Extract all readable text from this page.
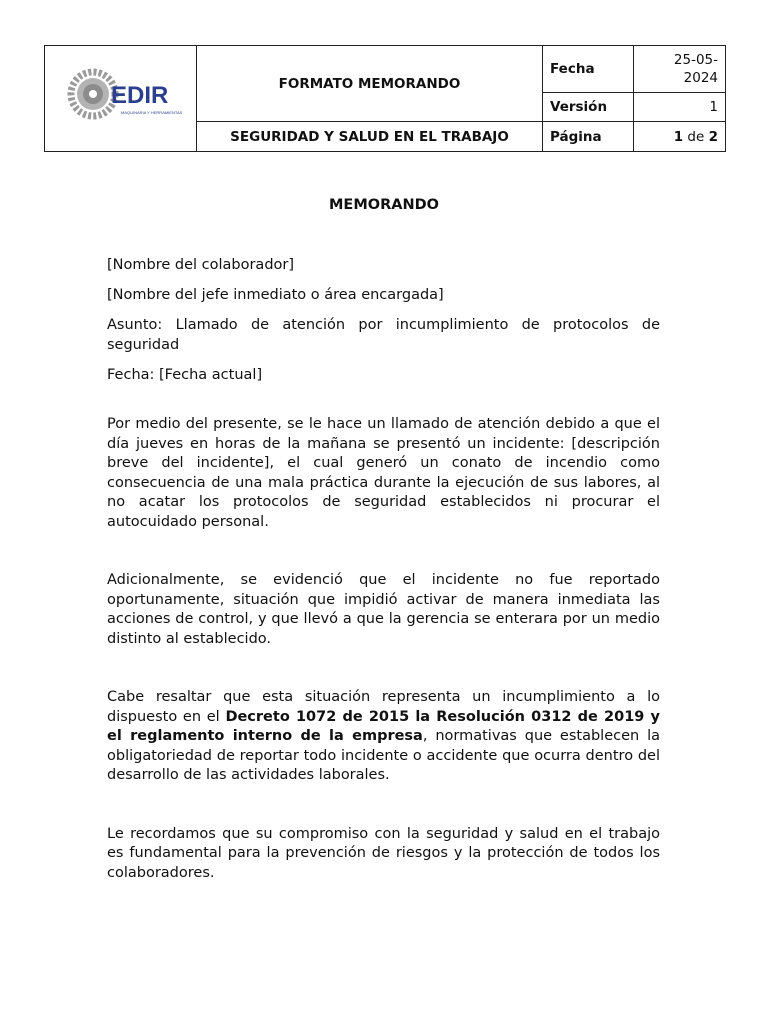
EDIR
MAQUINARIA Y HERRAMIENTAS	FORMATO MEMORANDO	Fecha	25-05-2024
		Versión	1
	SEGURIDAD Y SALUD EN EL TRABAJO	Página	1 de 2
MEMORANDO

[Nombre del colaborador]

[Nombre del jefe inmediato o área encargada]

Asunto: Llamado de atención por incumplimiento de protocolos de seguridad

Fecha: [Fecha actual]

Por medio del presente, se le hace un llamado de atención debido a que el día jueves en horas de la mañana se presentó un incidente: [descripción breve del incidente], el cual generó un conato de incendio como consecuencia de una mala práctica durante la ejecución de sus labores, al no acatar los protocolos de seguridad establecidos ni procurar el autocuidado personal.

Adicionalmente, se evidenció que el incidente no fue reportado oportunamente, situación que impidió activar de manera inmediata las acciones de control, y que llevó a que la gerencia se enterara por un medio distinto al establecido.

Cabe resaltar que esta situación representa un incumplimiento a lo dispuesto en el Decreto 1072 de 2015 la Resolución 0312 de 2019 y el reglamento interno de la empresa, normativas que establecen la obligatoriedad de reportar todo incidente o accidente que ocurra dentro del desarrollo de las actividades laborales.

Le recordamos que su compromiso con la seguridad y salud en el trabajo es fundamental para la prevención de riesgos y la protección de todos los colaboradores.
